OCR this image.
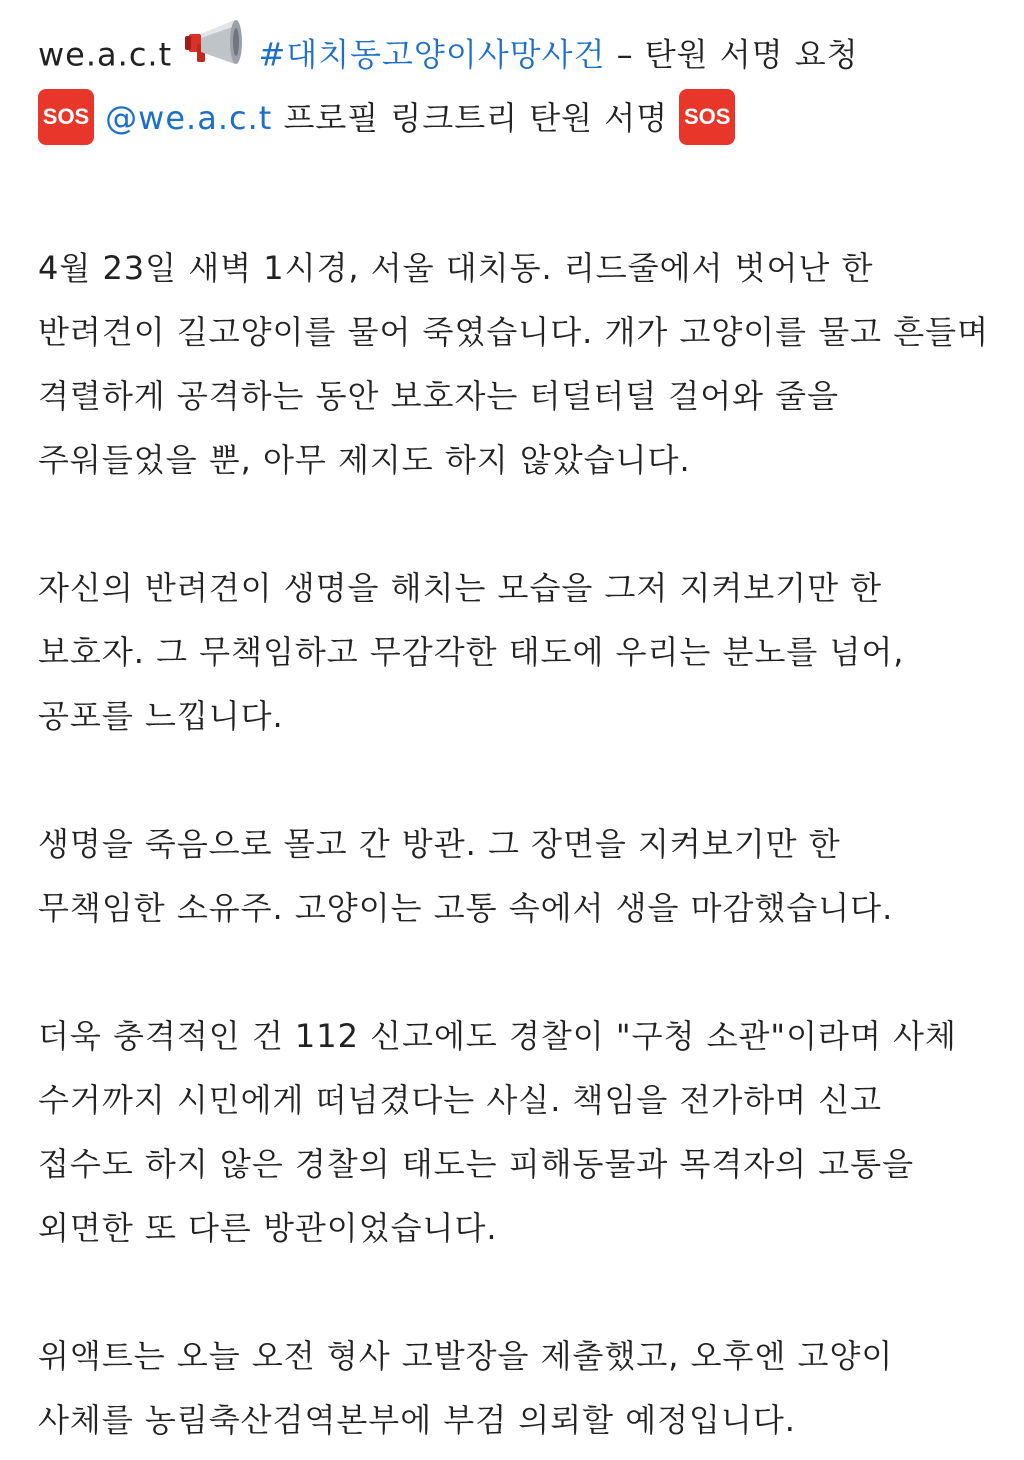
we.a.c.t	#대치동고양이사망사건 – 탄원 서명 요청
SOS @we.a.c.t 프로필 링크트리 탄원 서명 SOS
4월 23일 새벽 1시경, 서울 대치동. 리드줄에서 벗어난 한
반려견이 길고양이를 물어 죽였습니다. 개가 고양이를 물고 흔들며
격렬하게 공격하는 동안 보호자는 터덜터덜 걸어와 줄을
주워들었을 뿐, 아무 제지도 하지 않았습니다.
자신의 반려견이 생명을 해치는 모습을 그저 지켜보기만 한
보호자. 그 무책임하고 무감각한 태도에 우리는 분노를 넘어,
공포를 느낍니다.
생명을 죽음으로 몰고 간 방관. 그 장면을 지켜보기만 한
무책임한 소유주. 고양이는 고통 속에서 생을 마감했습니다.
더욱 충격적인 건 112 신고에도 경찰이 "구청 소관"이라며 사체
수거까지 시민에게 떠넘겼다는 사실. 책임을 전가하며 신고
접수도 하지 않은 경찰의 태도는 피해동물과 목격자의 고통을
외면한 또 다른 방관이었습니다.
위액트는 오늘 오전 형사 고발장을 제출했고, 오후엔 고양이
사체를 농림축산검역본부에 부검 의뢰할 예정입니다.
